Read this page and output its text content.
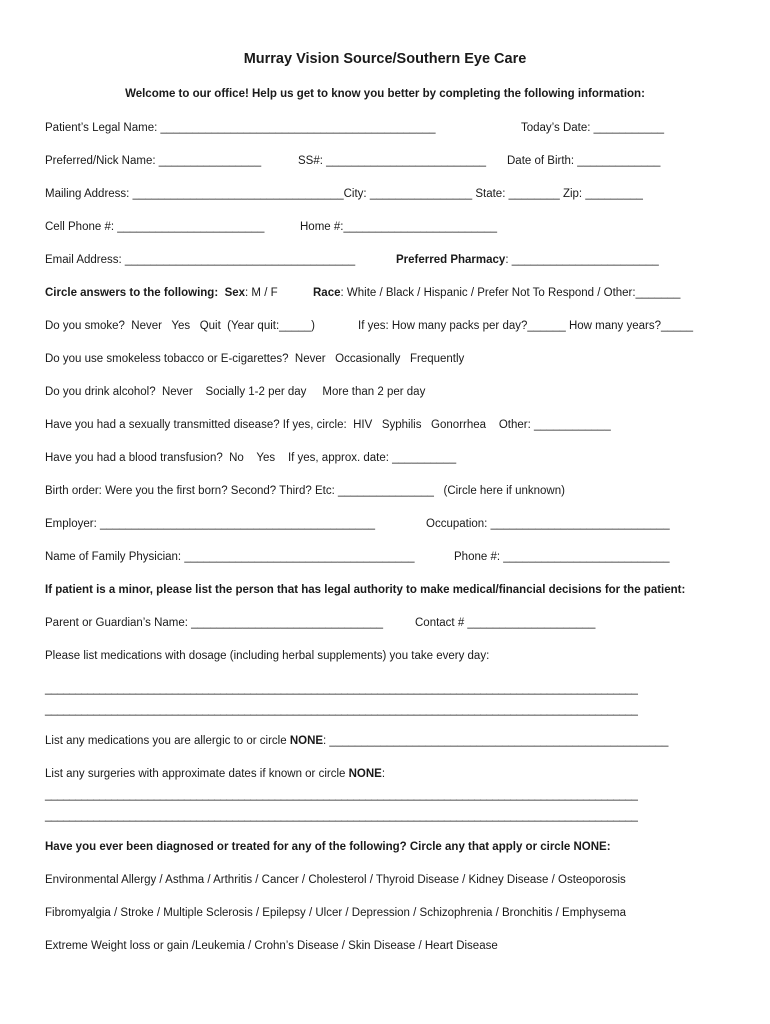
Murray Vision Source/Southern Eye Care
Welcome to our office! Help us get to know you better by completing the following information:
Patient’s Legal Name: ___________________________________________	Today’s Date: ___________
Preferred/Nick Name: ________________	SS#: _________________________ Date of Birth: _____________
Mailing Address: _________________________________City: ________________ State: ________ Zip: _________
Cell Phone #: _______________________	Home #:________________________
Email Address: ____________________________________	Preferred Pharmacy: _______________________
Circle answers to the following: Sex: M / F	Race: White / Black / Hispanic / Prefer Not To Respond / Other:_______
Do you smoke?  Never   Yes   Quit  (Year quit:_____)	If yes: How many packs per day?______ How many years?_____
Do you use smokeless tobacco or E-cigarettes?  Never   Occasionally   Frequently
Do you drink alcohol?  Never    Socially 1-2 per day     More than 2 per day
Have you had a sexually transmitted disease? If yes, circle:  HIV   Syphilis   Gonorrhea    Other: ____________
Have you had a blood transfusion?  No    Yes    If yes, approx. date: __________
Birth order: Were you the first born? Second? Third? Etc: _______________   (Circle here if unknown)
Employer: ___________________________________________	Occupation: ____________________________
Name of Family Physician: ____________________________________	Phone #: __________________________
If patient is a minor, please list the person that has legal authority to make medical/financial decisions for the patient:
Parent or Guardian’s Name: ______________________________	Contact # ____________________
Please list medications with dosage (including herbal supplements) you take every day:
__________________________________________________________________________________________________
__________________________________________________________________________________________________
List any medications you are allergic to or circle NONE: _____________________________________________________
List any surgeries with approximate dates if known or circle NONE:
__________________________________________________________________________________________________
__________________________________________________________________________________________________
Have you ever been diagnosed or treated for any of the following? Circle any that apply or circle NONE:
Environmental Allergy / Asthma / Arthritis / Cancer / Cholesterol / Thyroid Disease / Kidney Disease / Osteoporosis
Fibromyalgia / Stroke / Multiple Sclerosis / Epilepsy / Ulcer / Depression / Schizophrenia / Bronchitis / Emphysema
Extreme Weight loss or gain /Leukemia / Crohn’s Disease / Skin Disease / Heart Disease
